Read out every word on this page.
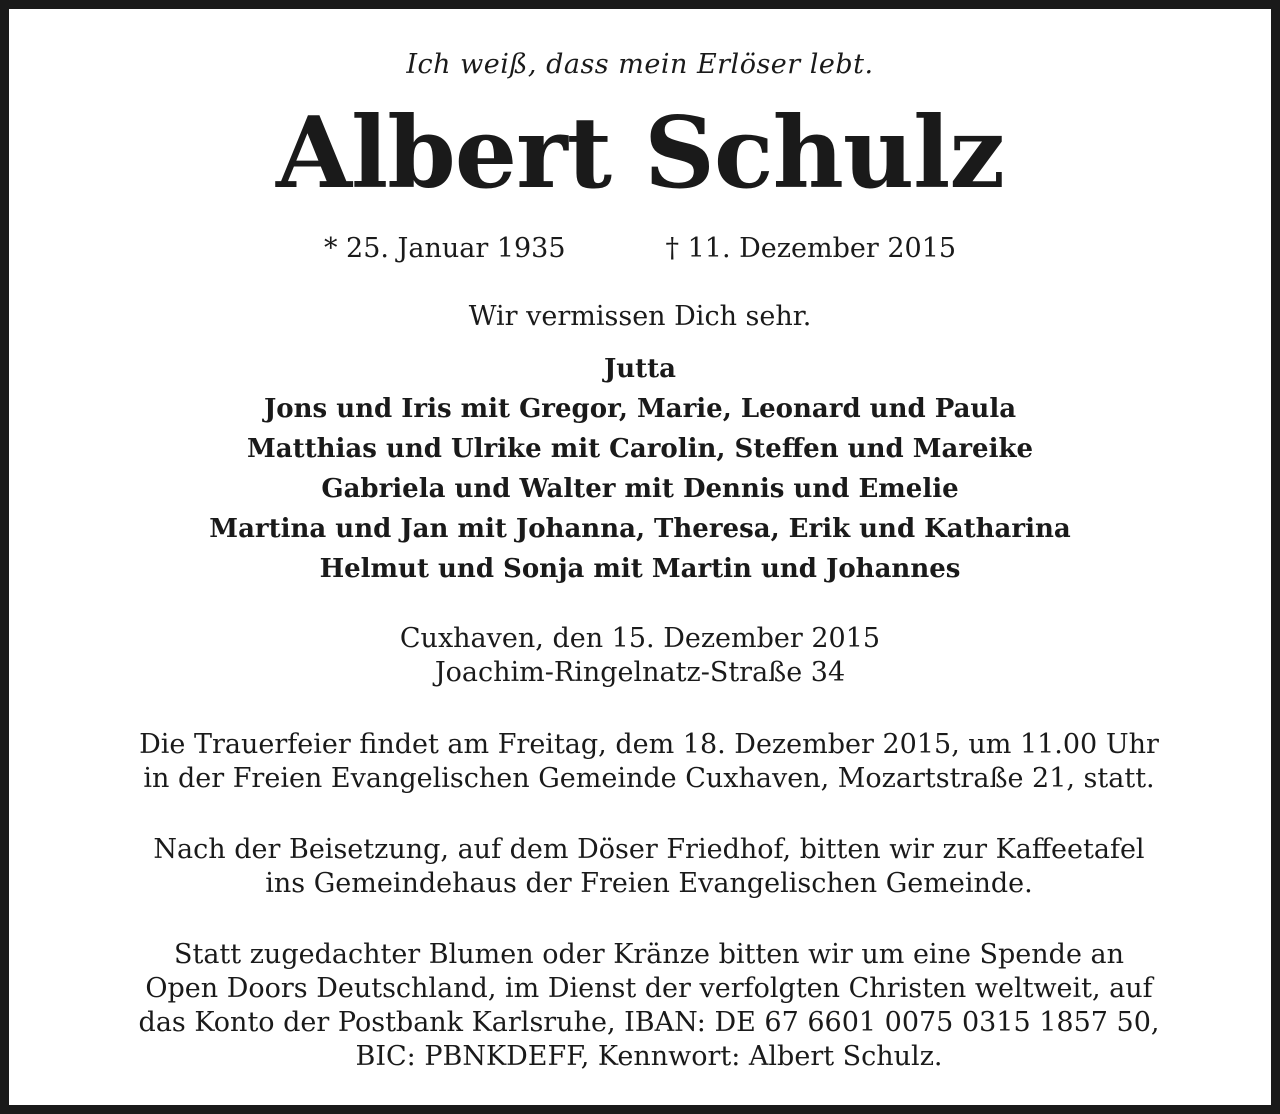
Ich weiß, dass mein Erlöser lebt.
Albert Schulz
* 25. Januar 1935	† 11. Dezember 2015
Wir vermissen Dich sehr.
Jutta
Jons und Iris mit Gregor, Marie, Leonard und Paula
Matthias und Ulrike mit Carolin, Steffen und Mareike
Gabriela und Walter mit Dennis und Emelie
Martina und Jan mit Johanna, Theresa, Erik und Katharina
Helmut und Sonja mit Martin und Johannes
Cuxhaven, den 15. Dezember 2015
Joachim-Ringelnatz-Straße 34
Die Trauerfeier findet am Freitag, dem 18. Dezember 2015, um 11.00 Uhr
in der Freien Evangelischen Gemeinde Cuxhaven, Mozartstraße 21, statt.
Nach der Beisetzung, auf dem Döser Friedhof, bitten wir zur Kaffeetafel
ins Gemeindehaus der Freien Evangelischen Gemeinde.
Statt zugedachter Blumen oder Kränze bitten wir um eine Spende an
Open Doors Deutschland, im Dienst der verfolgten Christen weltweit, auf
das Konto der Postbank Karlsruhe, IBAN: DE 67 6601 0075 0315 1857 50,
BIC: PBNKDEFF, Kennwort: Albert Schulz.
